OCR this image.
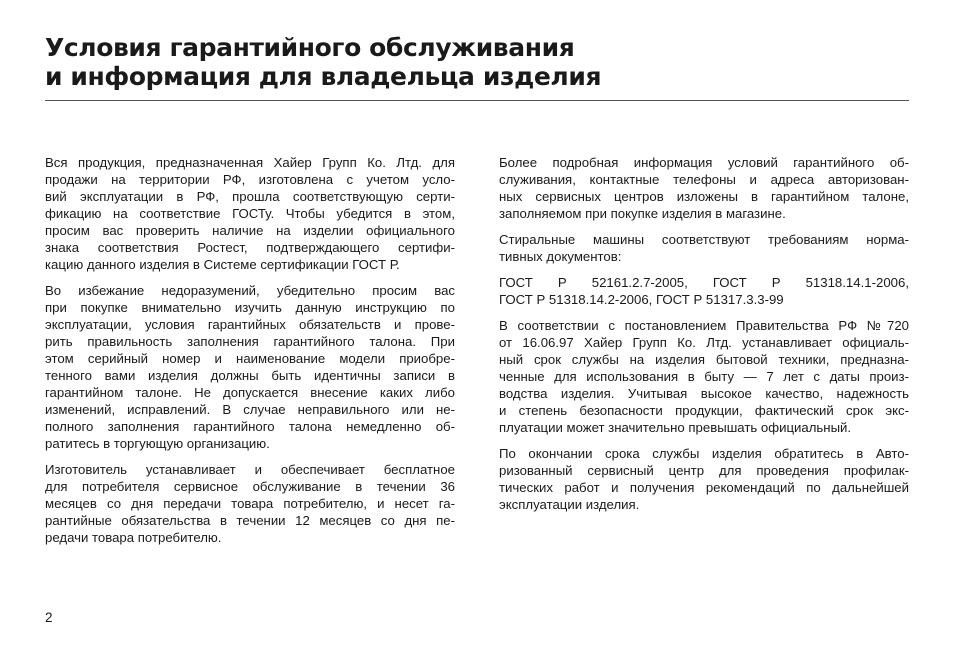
Условия гарантийного обслуживания
и информация для владельца изделия

Вся продукция, предназначенная Хайер Групп Ко. Лтд. для
продажи на территории РФ, изготовлена с учетом усло-
вий эксплуатации в РФ, прошла соответствующую серти-
фикацию на соответствие ГОСТу. Чтобы убедится в этом,
просим вас проверить наличие на изделии официального
знака соответствия Ростест, подтверждающего сертифи-
кацию данного изделия в Системе сертификации ГОСТ Р.

Во избежание недоразумений, убедительно просим вас
при покупке внимательно изучить данную инструкцию по
эксплуатации, условия гарантийных обязательств и прове-
рить правильность заполнения гарантийного талона. При
этом серийный номер и наименование модели приобре-
тенного вами изделия должны быть идентичны записи в
гарантийном талоне. Не допускается внесение каких либо
изменений, исправлений. В случае неправильного или не-
полного заполнения гарантийного талона немедленно об-
ратитесь в торгующую организацию.

Изготовитель устанавливает и обеспечивает бесплатное
для потребителя сервисное обслуживание в течении 36
месяцев со дня передачи товара потребителю, и несет га-
рантийные обязательства в течении 12 месяцев со дня пе-
редачи товара потребителю.

Более подробная информация условий гарантийного об-
служивания, контактные телефоны и адреса авторизован-
ных сервисных центров изложены в гарантийном талоне,
заполняемом при покупке изделия в магазине.

Стиральные машины соответствуют требованиям норма-
тивных документов:

ГОСТ Р 52161.2.7-2005, ГОСТ Р 51318.14.1-2006,
ГОСТ Р 51318.14.2-2006, ГОСТ Р 51317.3.3-99

В соответствии с постановлением Правительства РФ №720
от 16.06.97 Хайер Групп Ко. Лтд. устанавливает официаль-
ный срок службы на изделия бытовой техники, предназна-
ченные для использования в быту — 7 лет с даты произ-
водства изделия. Учитывая высокое качество, надежность
и степень безопасности продукции, фактический срок экс-
плуатации может значительно превышать официальный.

По окончании срока службы изделия обратитесь в Авто-
ризованный сервисный центр для проведения профилак-
тических работ и получения рекомендаций по дальнейшей
эксплуатации изделия.

2
